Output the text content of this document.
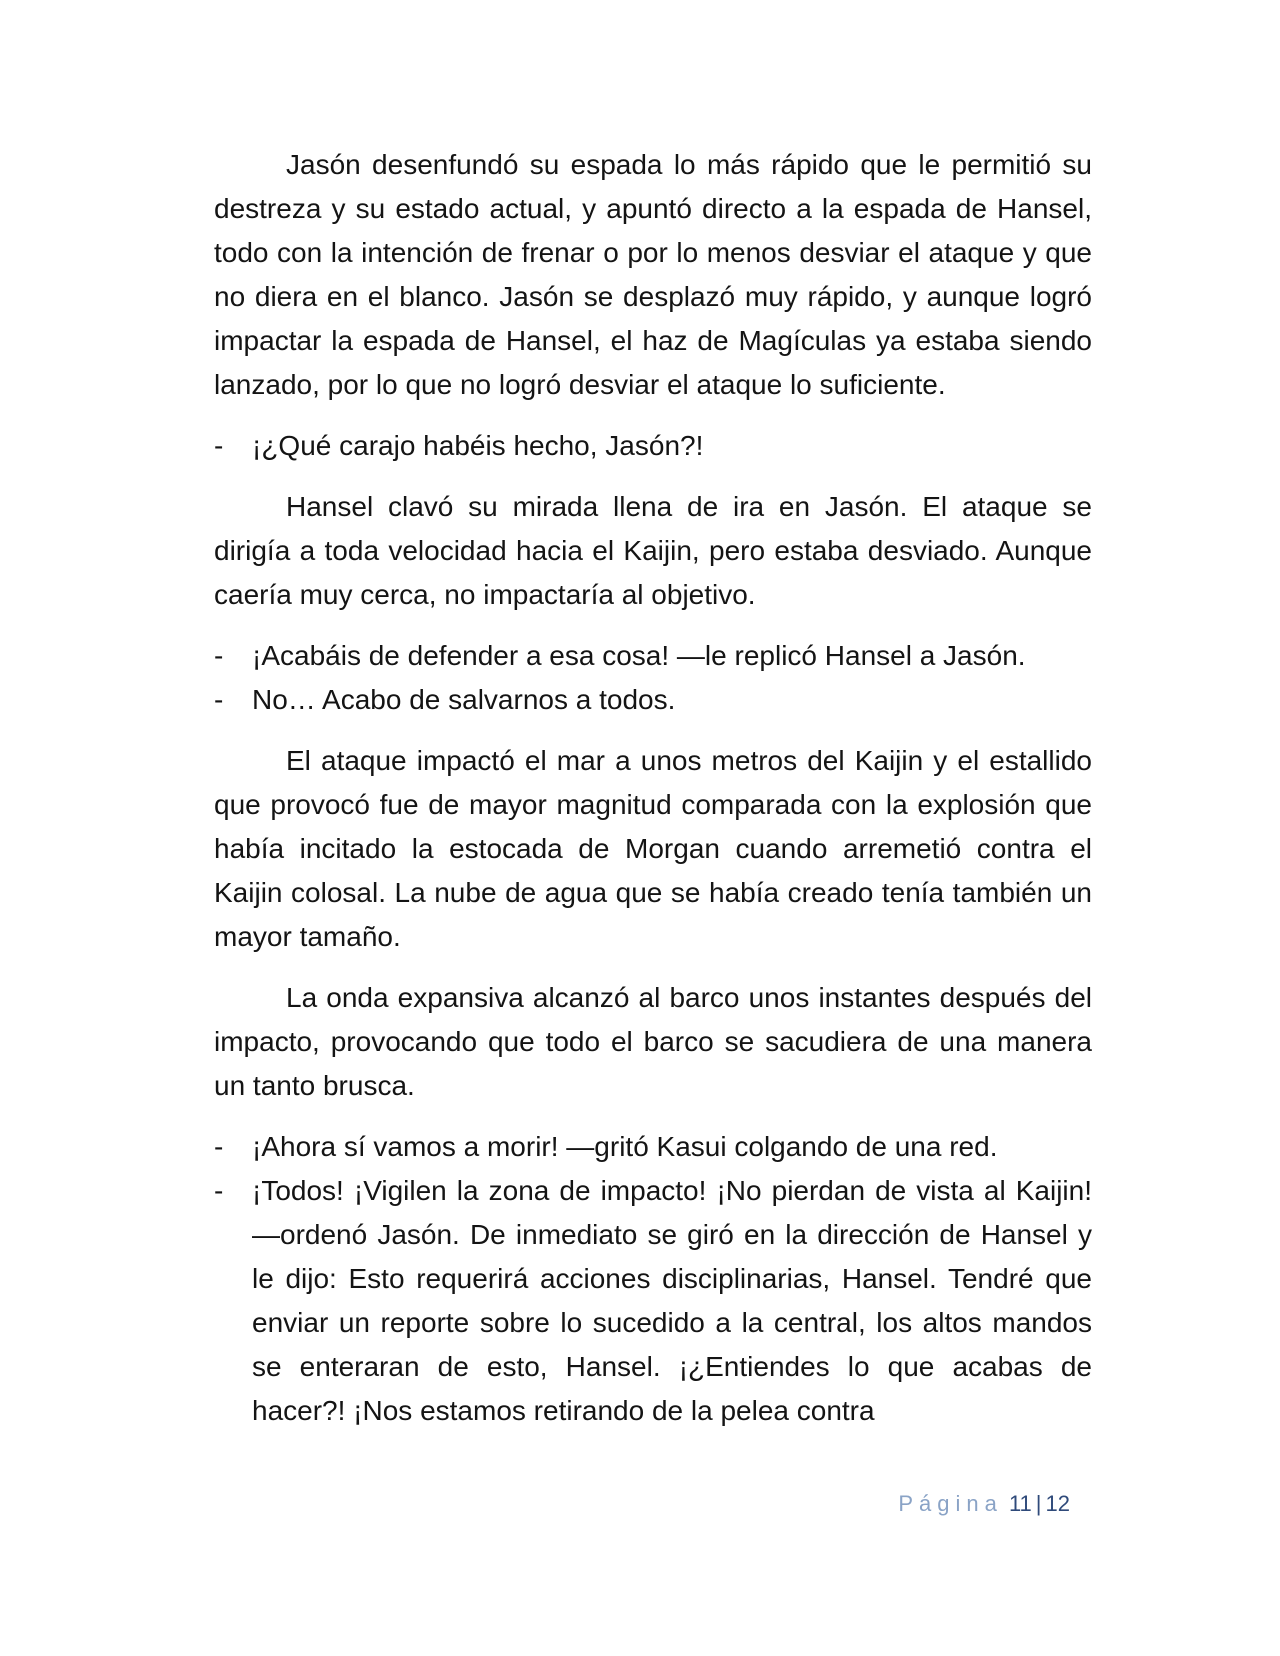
Jasón desenfundó su espada lo más rápido que le permitió su destreza y su estado actual, y apuntó directo a la espada de Hansel, todo con la intención de frenar o por lo menos desviar el ataque y que no diera en el blanco. Jasón se desplazó muy rápido, y aunque logró impactar la espada de Hansel, el haz de Magículas ya estaba siendo lanzado, por lo que no logró desviar el ataque lo suficiente.

- ¡¿Qué carajo habéis hecho, Jasón?!

Hansel clavó su mirada llena de ira en Jasón. El ataque se dirigía a toda velocidad hacia el Kaijin, pero estaba desviado. Aunque caería muy cerca, no impactaría al objetivo.

- ¡Acabáis de defender a esa cosa! —le replicó Hansel a Jasón.

- No… Acabo de salvarnos a todos.

El ataque impactó el mar a unos metros del Kaijin y el estallido que provocó fue de mayor magnitud comparada con la explosión que había incitado la estocada de Morgan cuando arremetió contra el Kaijin colosal. La nube de agua que se había creado tenía también un mayor tamaño.

La onda expansiva alcanzó al barco unos instantes después del impacto, provocando que todo el barco se sacudiera de una manera un tanto brusca.

- ¡Ahora sí vamos a morir! —gritó Kasui colgando de una red.

- ¡Todos! ¡Vigilen la zona de impacto! ¡No pierdan de vista al Kaijin! —ordenó Jasón. De inmediato se giró en la dirección de Hansel y le dijo: Esto requerirá acciones disciplinarias, Hansel. Tendré que enviar un reporte sobre lo sucedido a la central, los altos mandos se enteraran de esto, Hansel. ¡¿Entiendes lo que acabas de hacer?! ¡Nos estamos retirando de la pelea contra

Página 11 | 12
